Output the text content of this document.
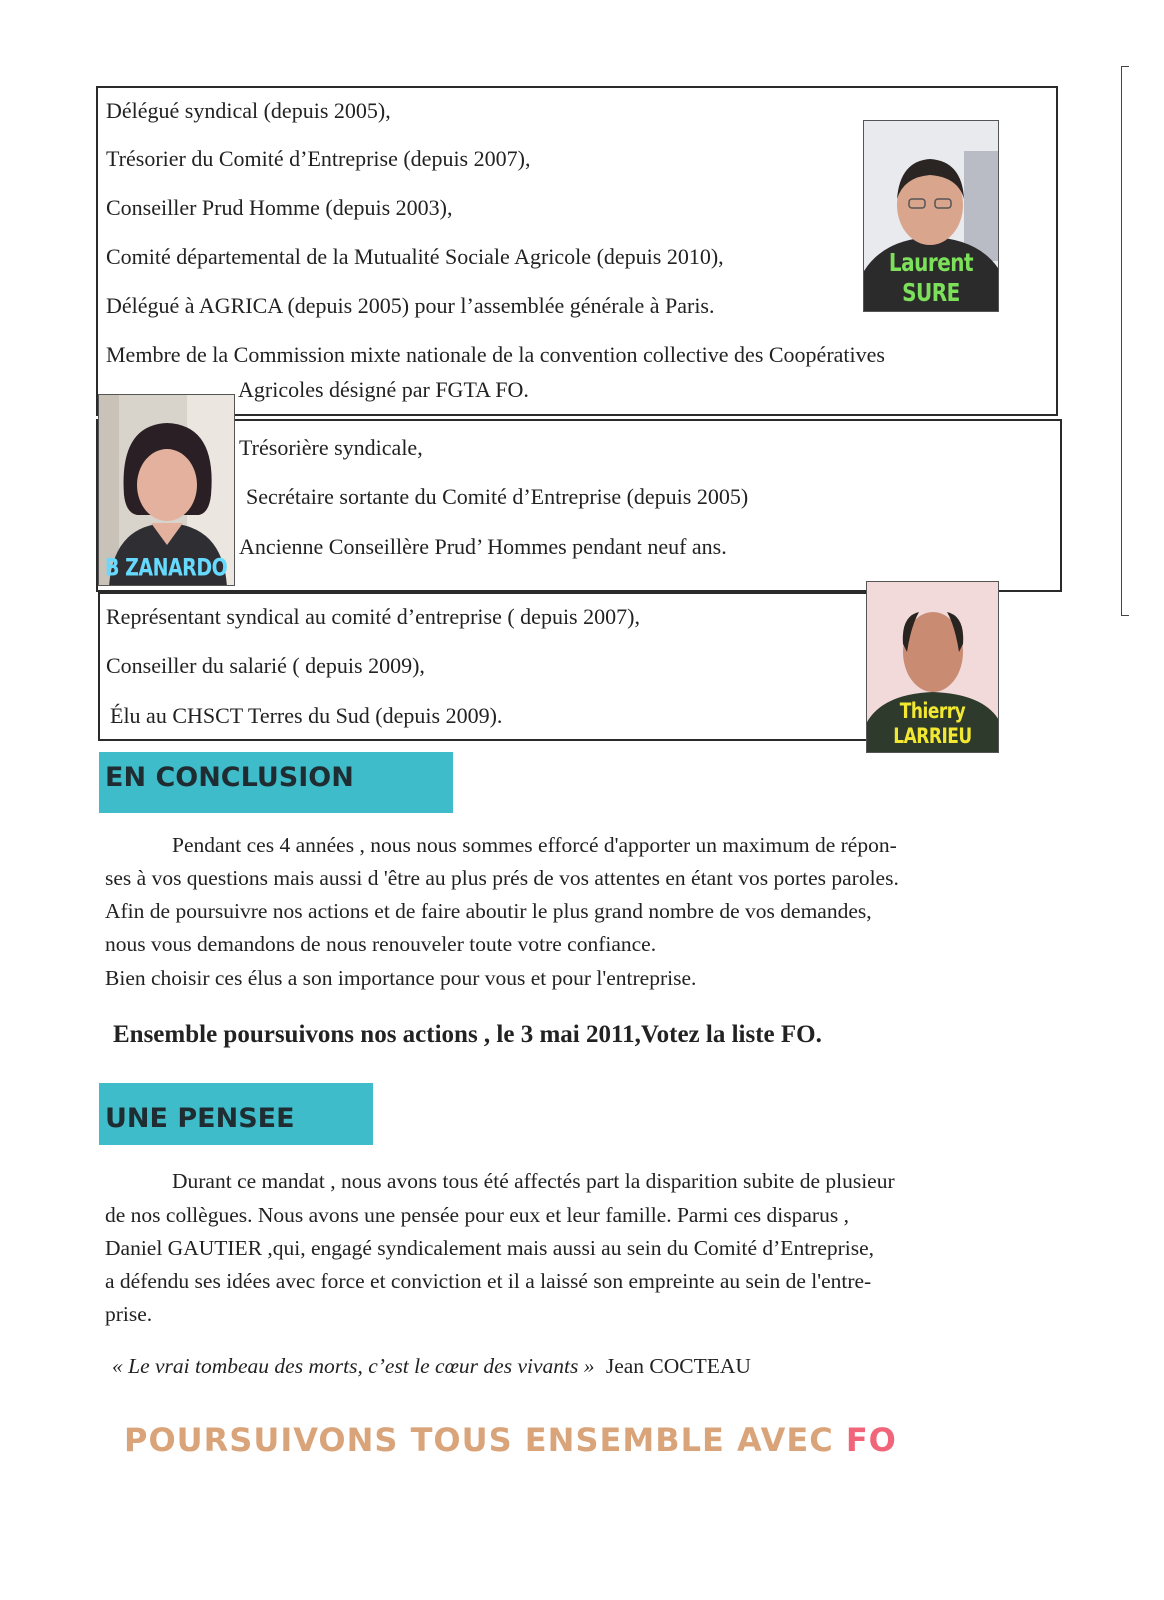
Délégué syndical (depuis 2005),
Trésorier du Comité d’Entreprise (depuis 2007),
Conseiller Prud Homme (depuis 2003),
Comité départemental de la Mutualité Sociale Agricole (depuis 2010),
Délégué à AGRICA (depuis 2005) pour l’assemblée générale à Paris.
Membre de la Commission mixte nationale de la convention collective des Coopératives
Agricoles désigné par FGTA FO.
Laurent SURE
Trésorière syndicale,
Secrétaire sortante du Comité d’Entreprise (depuis 2005)
Ancienne Conseillère Prud’ Hommes pendant neuf ans.
B ZANARDO
Représentant syndical au comité d’entreprise ( depuis 2007),
Conseiller du salarié ( depuis 2009),
Élu au CHSCT Terres du Sud (depuis 2009).	Thierry LARRIEU
EN CONCLUSION
Pendant ces 4 années , nous nous sommes efforcé d'apporter un maximum de répon-
ses à vos questions mais aussi d 'être au plus prés de vos attentes en étant vos portes paroles.
Afin de poursuivre nos actions et de faire aboutir le plus grand nombre de vos demandes,
nous vous demandons de nous renouveler toute votre confiance.
Bien choisir ces élus a son importance pour vous et pour l'entreprise.
Ensemble poursuivons nos actions , le 3 mai 2011,Votez la liste FO.
UNE PENSEE
Durant ce mandat , nous avons tous été affectés part la disparition subite de plusieur
de nos collègues. Nous avons une pensée pour eux et leur famille. Parmi ces disparus ,
Daniel GAUTIER ,qui, engagé syndicalement mais aussi au sein du Comité d’Entreprise,
a défendu ses idées avec force et conviction et il a laissé son empreinte au sein de l'entre-
prise.
« Le vrai tombeau des morts, c’est le cœur des vivants » Jean COCTEAU
POURSUIVONS TOUS ENSEMBLE AVEC FO
